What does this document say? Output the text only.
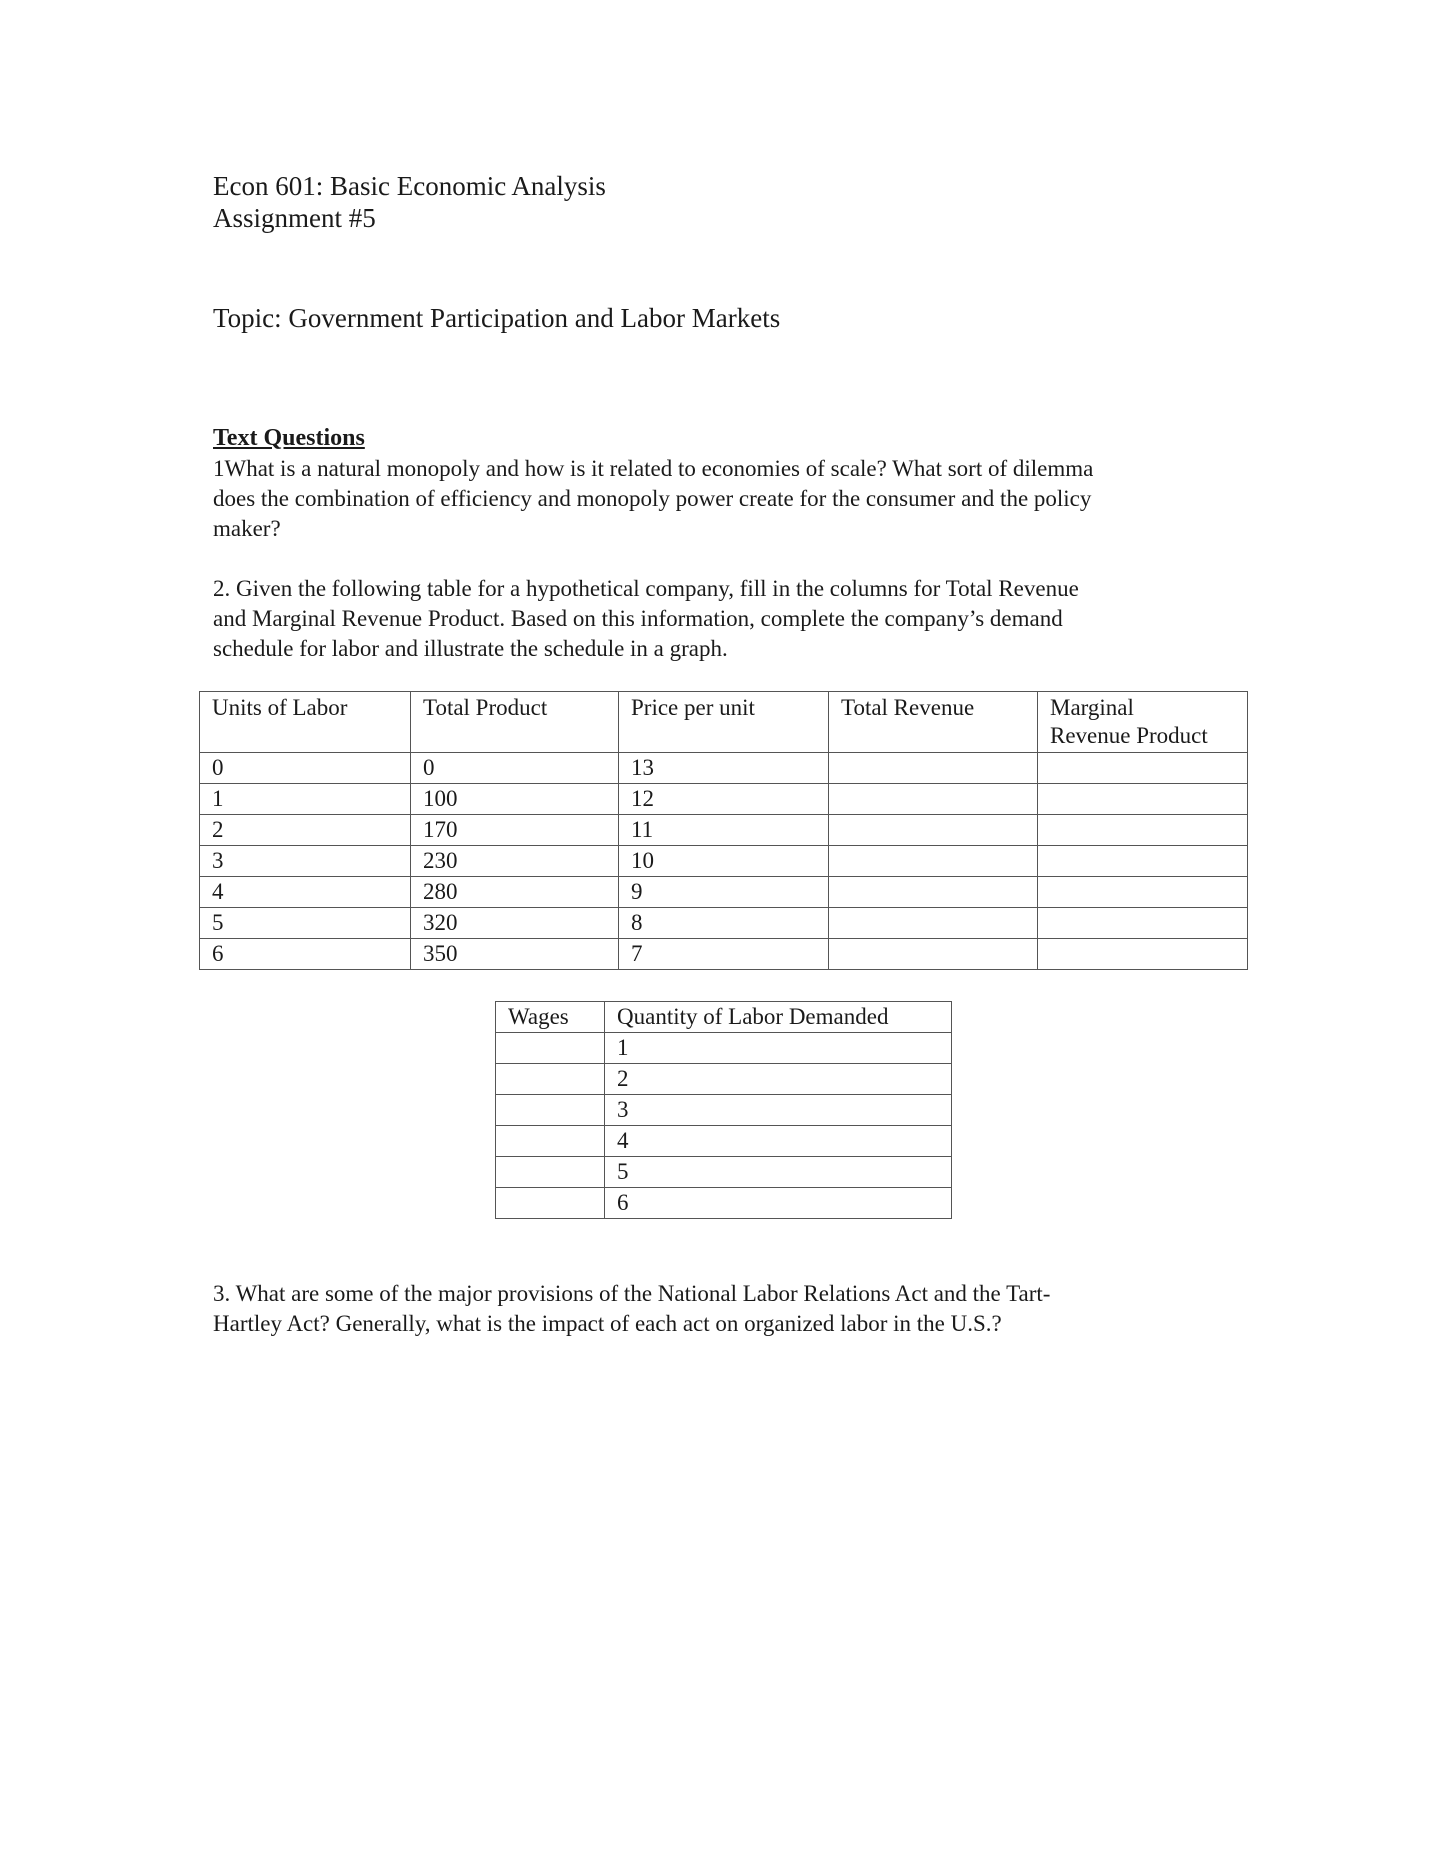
Econ 601: Basic Economic Analysis
Assignment #5
Topic: Government Participation and Labor Markets
Text Questions
1What is a natural monopoly and how is it related to economies of scale? What sort of dilemma
does the combination of efficiency and monopoly power create for the consumer and the policy
maker?
2. Given the following table for a hypothetical company, fill in the columns for Total Revenue
and Marginal Revenue Product. Based on this information, complete the company’s demand
schedule for labor and illustrate the schedule in a graph.
Units of Labor	Total Product	Price per unit	Total Revenue	Marginal
Revenue Product
0	0	13		
1	100	12		
2	170	11		
3	230	10		
4	280	9		
5	320	8		
6	350	7		
Wages	Quantity of Labor Demanded
	1
	2
	3
	4
	5
	6
3. What are some of the major provisions of the National Labor Relations Act and the Tart-
Hartley Act? Generally, what is the impact of each act on organized labor in the U.S.?
